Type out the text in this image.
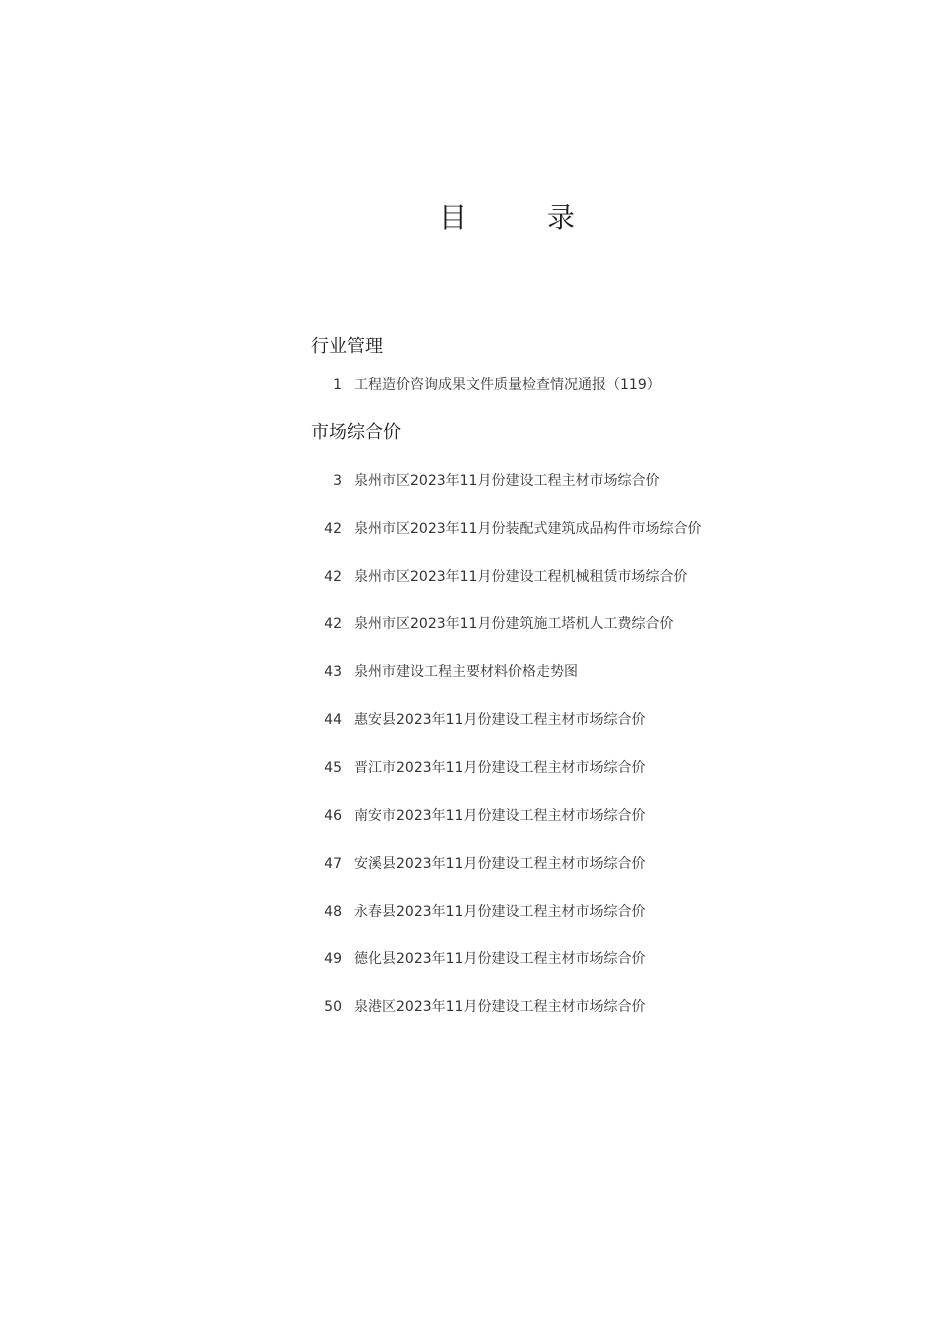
目　录
行业管理
1 工程造价咨询成果文件质量检查情况通报（119）
市场综合价
3 泉州市区2023年11月份建设工程主材市场综合价
42 泉州市区2023年11月份装配式建筑成品构件市场综合价
42 泉州市区2023年11月份建设工程机械租赁市场综合价
42 泉州市区2023年11月份建筑施工塔机人工费综合价
43 泉州市建设工程主要材料价格走势图
44 惠安县2023年11月份建设工程主材市场综合价
45 晋江市2023年11月份建设工程主材市场综合价
46 南安市2023年11月份建设工程主材市场综合价
47 安溪县2023年11月份建设工程主材市场综合价
48 永春县2023年11月份建设工程主材市场综合价
49 德化县2023年11月份建设工程主材市场综合价
50 泉港区2023年11月份建设工程主材市场综合价
